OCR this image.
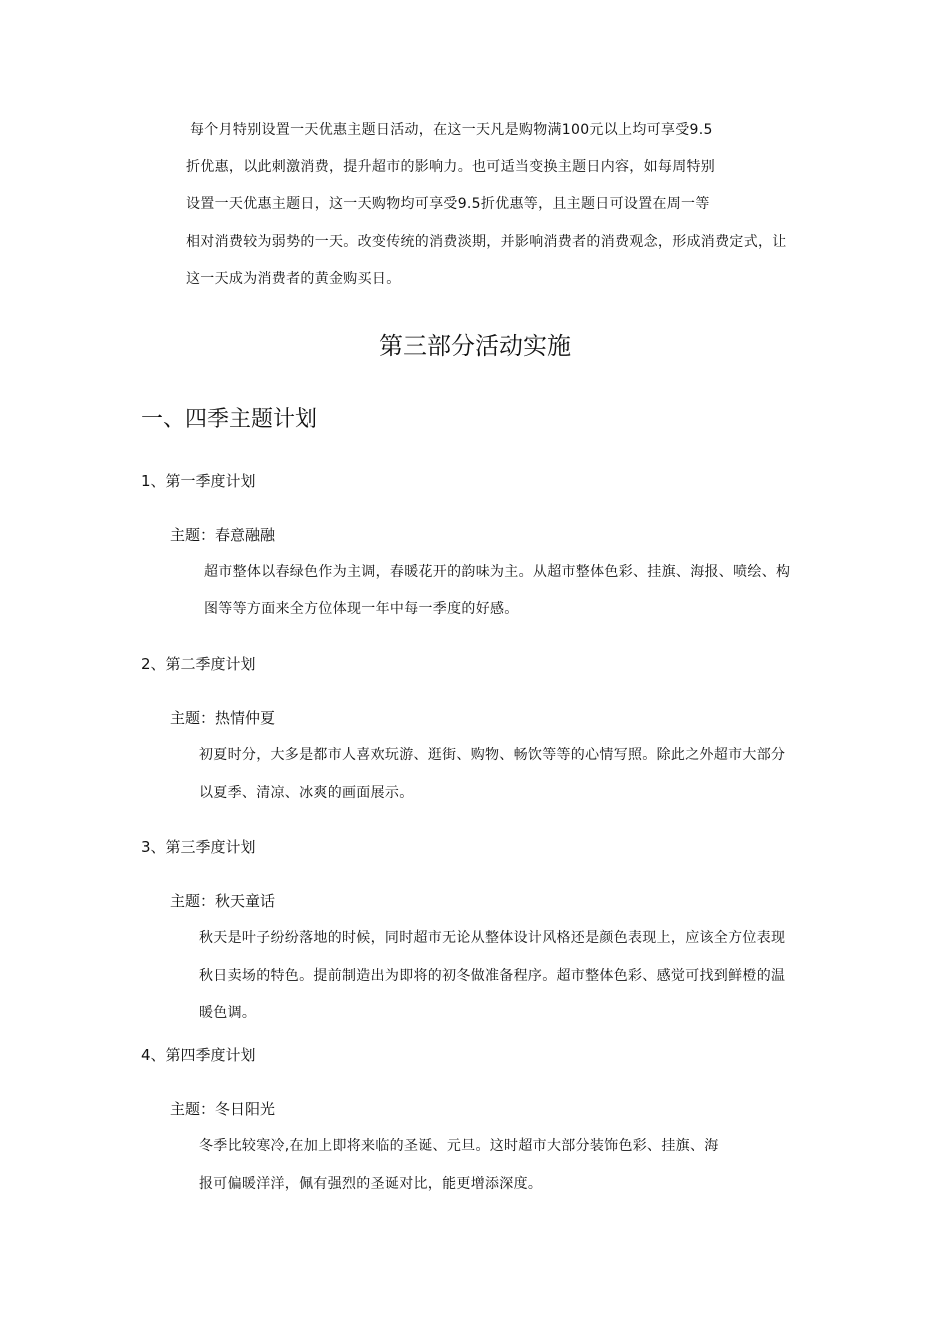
每个月特别设置一天优惠主题日活动，在这一天凡是购物满100元以上均可享受9.5
折优惠，以此刺激消费，提升超市的影响力。也可适当变换主题日内容，如每周特别
设置一天优惠主题日，这一天购物均可享受9.5折优惠等，且主题日可设置在周一等
相对消费较为弱势的一天。改变传统的消费淡期，并影响消费者的消费观念，形成消费定式，让
这一天成为消费者的黄金购买日。
第三部分活动实施
一、四季主题计划
1、第一季度计划
主题：春意融融
超市整体以春绿色作为主调，春暖花开的韵味为主。从超市整体色彩、挂旗、海报、喷绘、构
图等等方面来全方位体现一年中每一季度的好感。
2、第二季度计划
主题：热情仲夏
初夏时分，大多是都市人喜欢玩游、逛街、购物、畅饮等等的心情写照。除此之外超市大部分
以夏季、清凉、冰爽的画面展示。
3、第三季度计划
主题：秋天童话
秋天是叶子纷纷落地的时候，同时超市无论从整体设计风格还是颜色表现上，应该全方位表现
秋日卖场的特色。提前制造出为即将的初冬做准备程序。超市整体色彩、感觉可找到鲜橙的温
暖色调。
4、第四季度计划
主题：冬日阳光
冬季比较寒冷,在加上即将来临的圣诞、元旦。这时超市大部分装饰色彩、挂旗、海
报可偏暖洋洋，佩有强烈的圣诞对比，能更增添深度。
